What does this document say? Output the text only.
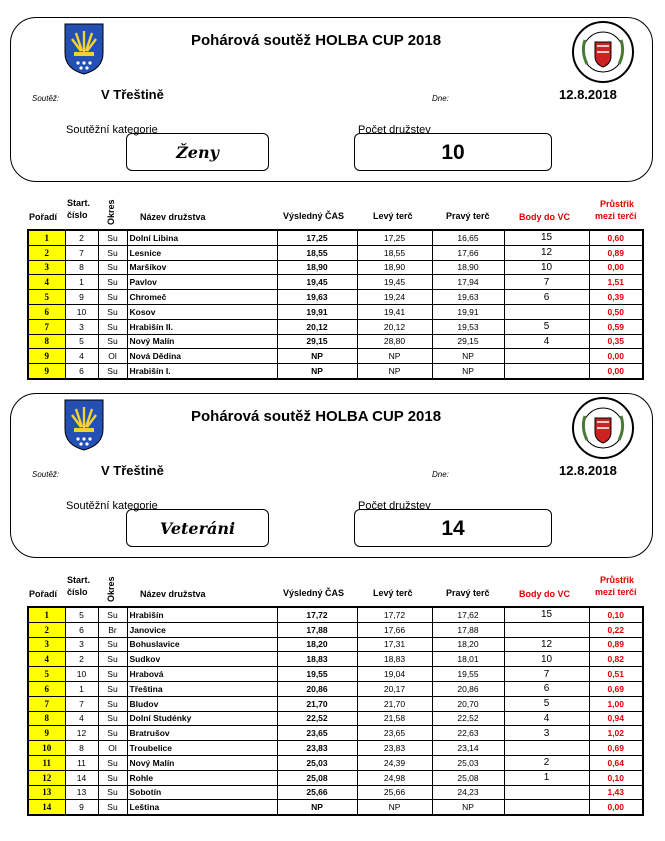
Pohárová soutěž HOLBA CUP 2018
Soutěž:	V Třeštině	Dne:	12.8.2018
Soutěžní kategorie
Ženy
Počet družstev
10
Pořadí
Start.
číslo Okres	Název družstva	Výsledný ČAS	Levý terč	Pravý terč	Body do VC
Průstřik
mezi terči
1	2	Su	Dolní Libina	17,25	17,25	16,65	15	0,60
2	7	Su	Lesnice	18,55	18,55	17,66	12	0,89
3	8	Su	Maršíkov	18,90	18,90	18,90	10	0,00
4	1	Su	Pavlov	19,45	19,45	17,94	7	1,51
5	9	Su	Chromeč	19,63	19,24	19,63	6	0,39
6	10	Su	Kosov	19,91	19,41	19,91		0,50
7	3	Su	Hrabišín II.	20,12	20,12	19,53	5	0,59
8	5	Su	Nový Malín	29,15	28,80	29,15	4	0,35
9	4	Ol	Nová Dědina	NP	NP	NP		0,00
9	6	Su	Hrabišín I.	NP	NP	NP		0,00
Pohárová soutěž HOLBA CUP 2018
Soutěž:	V Třeštině	Dne:	12.8.2018
Soutěžní kategorie
Veteráni
Počet družstev
14
Pořadí
Start.
číslo Okres	Název družstva	Výsledný ČAS	Levý terč	Pravý terč	Body do VC
Průstřik
mezi terči
1	5	Su	Hrabišín	17,72	17,72	17,62	15	0,10
2	6	Br	Janovice	17,88	17,66	17,88		0,22
3	3	Su	Bohuslavice	18,20	17,31	18,20	12	0,89
4	2	Su	Sudkov	18,83	18,83	18,01	10	0,82
5	10	Su	Hrabová	19,55	19,04	19,55	7	0,51
6	1	Su	Třeština	20,86	20,17	20,86	6	0,69
7	7	Su	Bludov	21,70	21,70	20,70	5	1,00
8	4	Su	Dolní Studénky	22,52	21,58	22,52	4	0,94
9	12	Su	Bratrušov	23,65	23,65	22,63	3	1,02
10	8	Ol	Troubelice	23,83	23,83	23,14		0,69
11	11	Su	Nový Malín	25,03	24,39	25,03	2	0,64
12	14	Su	Rohle	25,08	24,98	25,08	1	0,10
13	13	Su	Sobotín	25,66	25,66	24,23		1,43
14	9	Su	Leština	NP	NP	NP		0,00
